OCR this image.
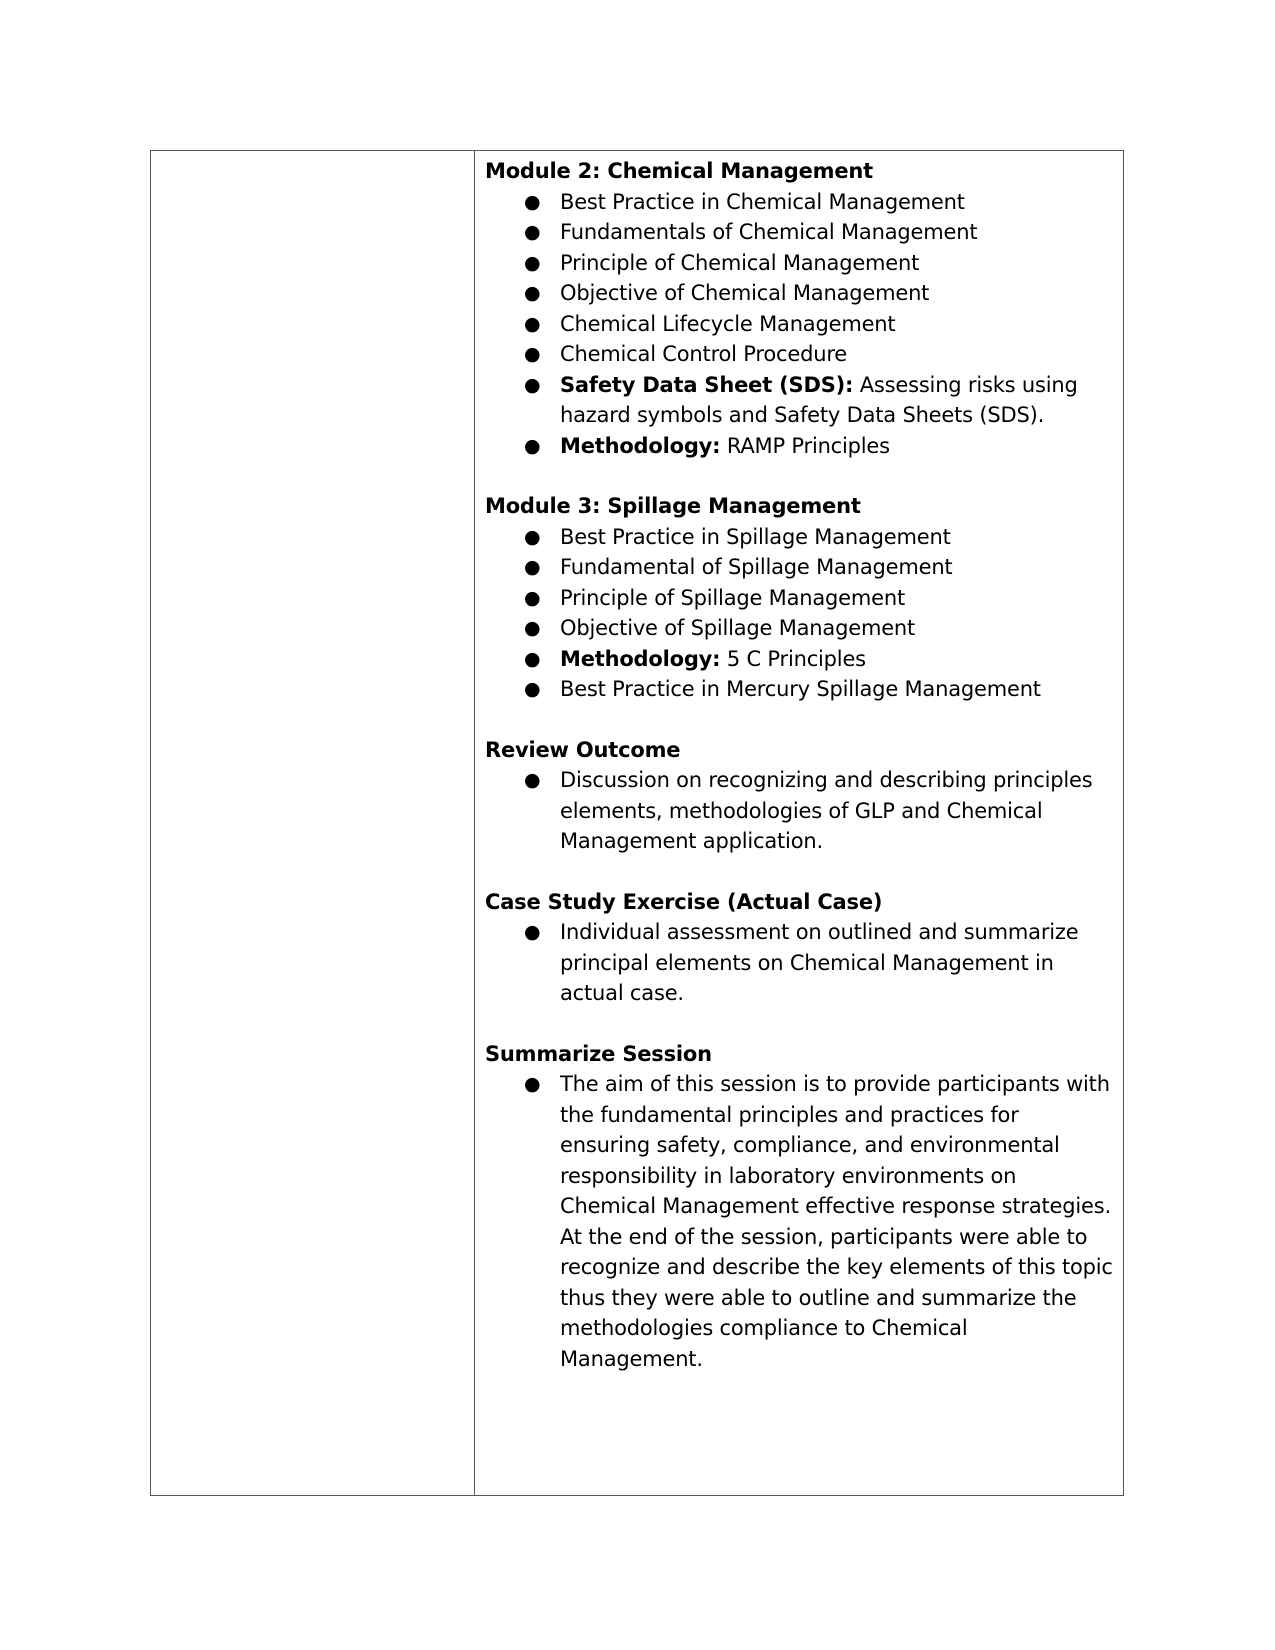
Module 2: Chemical Management
● Best Practice in Chemical Management
● Fundamentals of Chemical Management
● Principle of Chemical Management
● Objective of Chemical Management
● Chemical Lifecycle Management
● Chemical Control Procedure
● Safety Data Sheet (SDS): Assessing risks using hazard symbols and Safety Data Sheets (SDS).
● Methodology: RAMP Principles
Module 3: Spillage Management
● Best Practice in Spillage Management
● Fundamental of Spillage Management
● Principle of Spillage Management
● Objective of Spillage Management
● Methodology: 5 C Principles
● Best Practice in Mercury Spillage Management
Review Outcome
● Discussion on recognizing and describing principles elements, methodologies of GLP and Chemical Management application.
Case Study Exercise (Actual Case)
● Individual assessment on outlined and summarize principal elements on Chemical Management in actual case.
Summarize Session
● The aim of this session is to provide participants with the fundamental principles and practices for ensuring safety, compliance, and environmental responsibility in laboratory environments on Chemical Management effective response strategies. At the end of the session, participants were able to recognize and describe the key elements of this topic thus they were able to outline and summarize the methodologies compliance to Chemical Management.
